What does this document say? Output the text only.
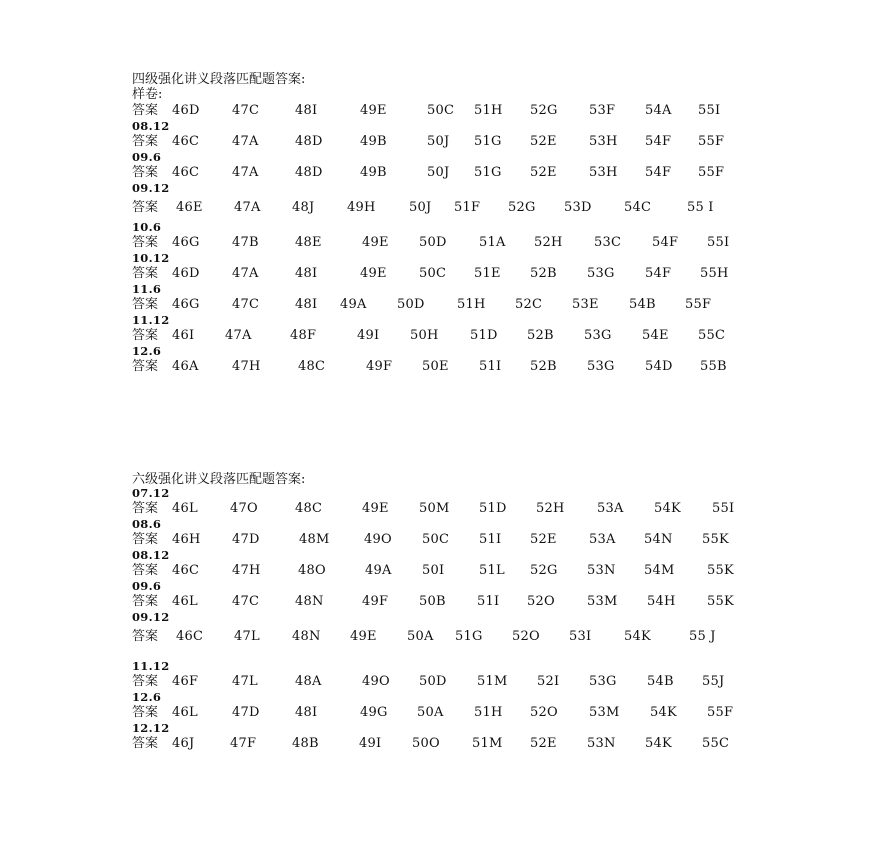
四级强化讲义段落匹配题答案:
样卷:
答案 46D 47C	48I	49E	50C 51H 52G 53F 54A 55I
08.12
答案 46C	47A	48D	49B	50J 51G 52E 53H 54F 55F
09.6
答案 46C	47A	48D	49B	50J 51G 52E 53H 54F 55F
09.12
答案 46E 47A 48J	49H	50J 51F 52G 53D 54C	55 I
10.6
答案 46G 47B	48E	49E 50D 51A 52H 53C 54F 55I
10.12
答案 46D 47A	48I	49E 50C 51E 52B 53G 54F 55H
11.6
答案 46G 47C	48I 49A 50D 51H 52C 53E 54B 55F
11.12
答案 46I 47A	48F	49I 50H 51D 52B 53G 54E 55C
12.6
答案 46A	47H	48C	49F 50E 51I 52B 53G 54D 55B
六级强化讲义段落匹配题答案:
07.12
答案 46L 47O	48C	49E 50M 51D 52H	53A 54K 55I
08.6
答案 46H 47D	48M	49O 50C 51I 52E 53A 54N 55K
08.12
答案 46C	47H	48O	49A 50I	51L 52G 53N 54M	55K
09.6
答案 46L	47C	48N	49F 50B 51I 52O 53M 54H 55K
09.12
答案 46C 47L 48N 49E 50A 51G 52O 53I	54K	55 J
11.12
答案 46F	47L	48A	49O 50D 51M 52I 53G 54B 55J
12.6
答案 46L	47D	48I	49G 50A 51H 52O 53M 54K 55F
12.12
答案 46J	47F	48B	49I 50O 51M 52E 53N 54K 55C
